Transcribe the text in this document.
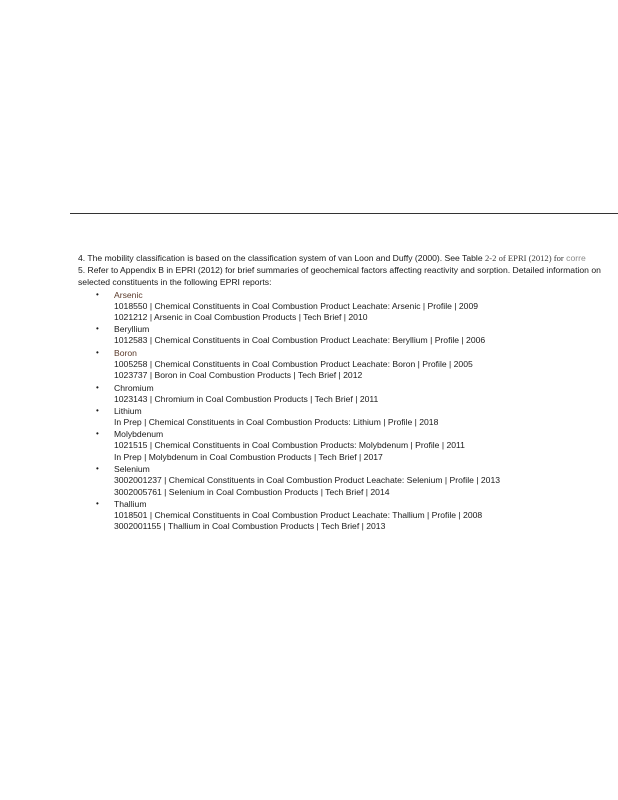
4. The mobility classification is based on the classification system of van Loon and Duffy (2000). See Table 2-2 of EPRI (2012) for corre

5. Refer to Appendix B in EPRI (2012) for brief summaries of geochemical factors affecting reactivity and sorption. Detailed information on
selected constituents in the following EPRI reports:

• Arsenic
1018550 | Chemical Constituents in Coal Combustion Product Leachate: Arsenic | Profile | 2009
1021212 | Arsenic in Coal Combustion Products | Tech Brief | 2010
• Beryllium
1012583 | Chemical Constituents in Coal Combustion Product Leachate: Beryllium | Profile | 2006
• Boron
1005258 | Chemical Constituents in Coal Combustion Product Leachate: Boron | Profile | 2005
1023737 | Boron in Coal Combustion Products | Tech Brief | 2012
• Chromium
1023143 | Chromium in Coal Combustion Products | Tech Brief | 2011
• Lithium
In Prep | Chemical Constituents in Coal Combustion Products: Lithium | Profile | 2018
• Molybdenum
1021515 | Chemical Constituents in Coal Combustion Products: Molybdenum | Profile | 2011
In Prep | Molybdenum in Coal Combustion Products | Tech Brief | 2017
• Selenium
3002001237 | Chemical Constituents in Coal Combustion Product Leachate: Selenium | Profile | 2013
3002005761 | Selenium in Coal Combustion Products | Tech Brief | 2014
• Thallium
1018501 | Chemical Constituents in Coal Combustion Product Leachate: Thallium | Profile | 2008
3002001155 | Thallium in Coal Combustion Products | Tech Brief | 2013
